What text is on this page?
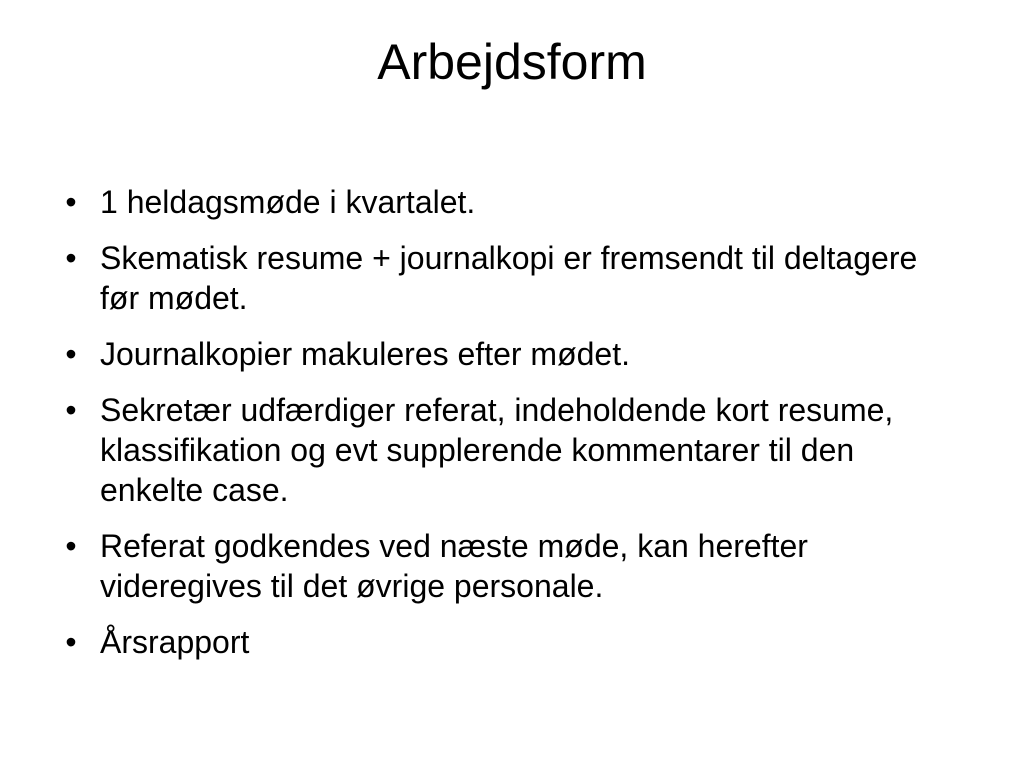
Arbejdsform
• 1 heldagsmøde i kvartalet.
• Skematisk resume + journalkopi er fremsendt til deltagere før mødet.
• Journalkopier makuleres efter mødet.
• Sekretær udfærdiger referat, indeholdende kort resume, klassifikation og evt supplerende kommentarer til den enkelte case.
• Referat godkendes ved næste møde, kan herefter videregives til det øvrige personale.
• Årsrapport
